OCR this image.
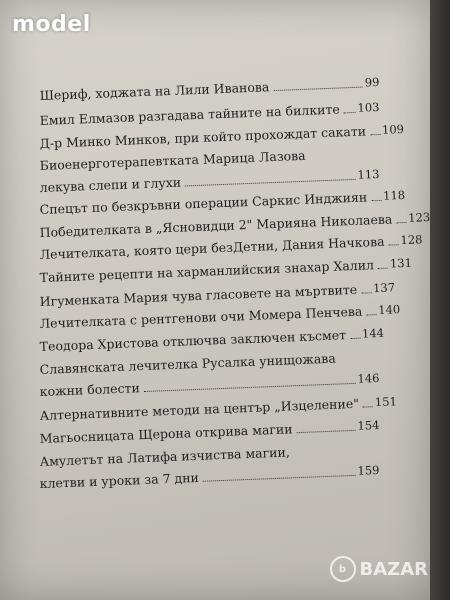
model
Шериф, ходжата на Лили Иванова	99
Емил Елмазов разгадава тайните на билките 103
Д-р Минко Минков, при който прохождат сакати 109
Биоенерготерапевтката Марица Лазова
лекува слепи и глухи
113
Спецът по безкръвни операции Саркис Инджиян 118
Победителката в „Ясновидци 2" Марияна Николаева 123
Лечителката, която цери безДетни, Дания Начкова 128
Тайните рецепти на харманлийския знахар Халил 131
Игуменката Мария чува гласовете на мъртвите 137
Лечителката с рентгенови очи Момера Пенчева 140
Теодора Христова отключва заключен късмет 144
Славянската лечителка Русалка унищожава
кожни болести
146
Алтернативните методи на център „Изцеление" 151
Магьосницата Щерона открива магии	154
Амулетът на Латифа изчиства магии,
клетви и уроки за 7 дни	159
b BAZAR
